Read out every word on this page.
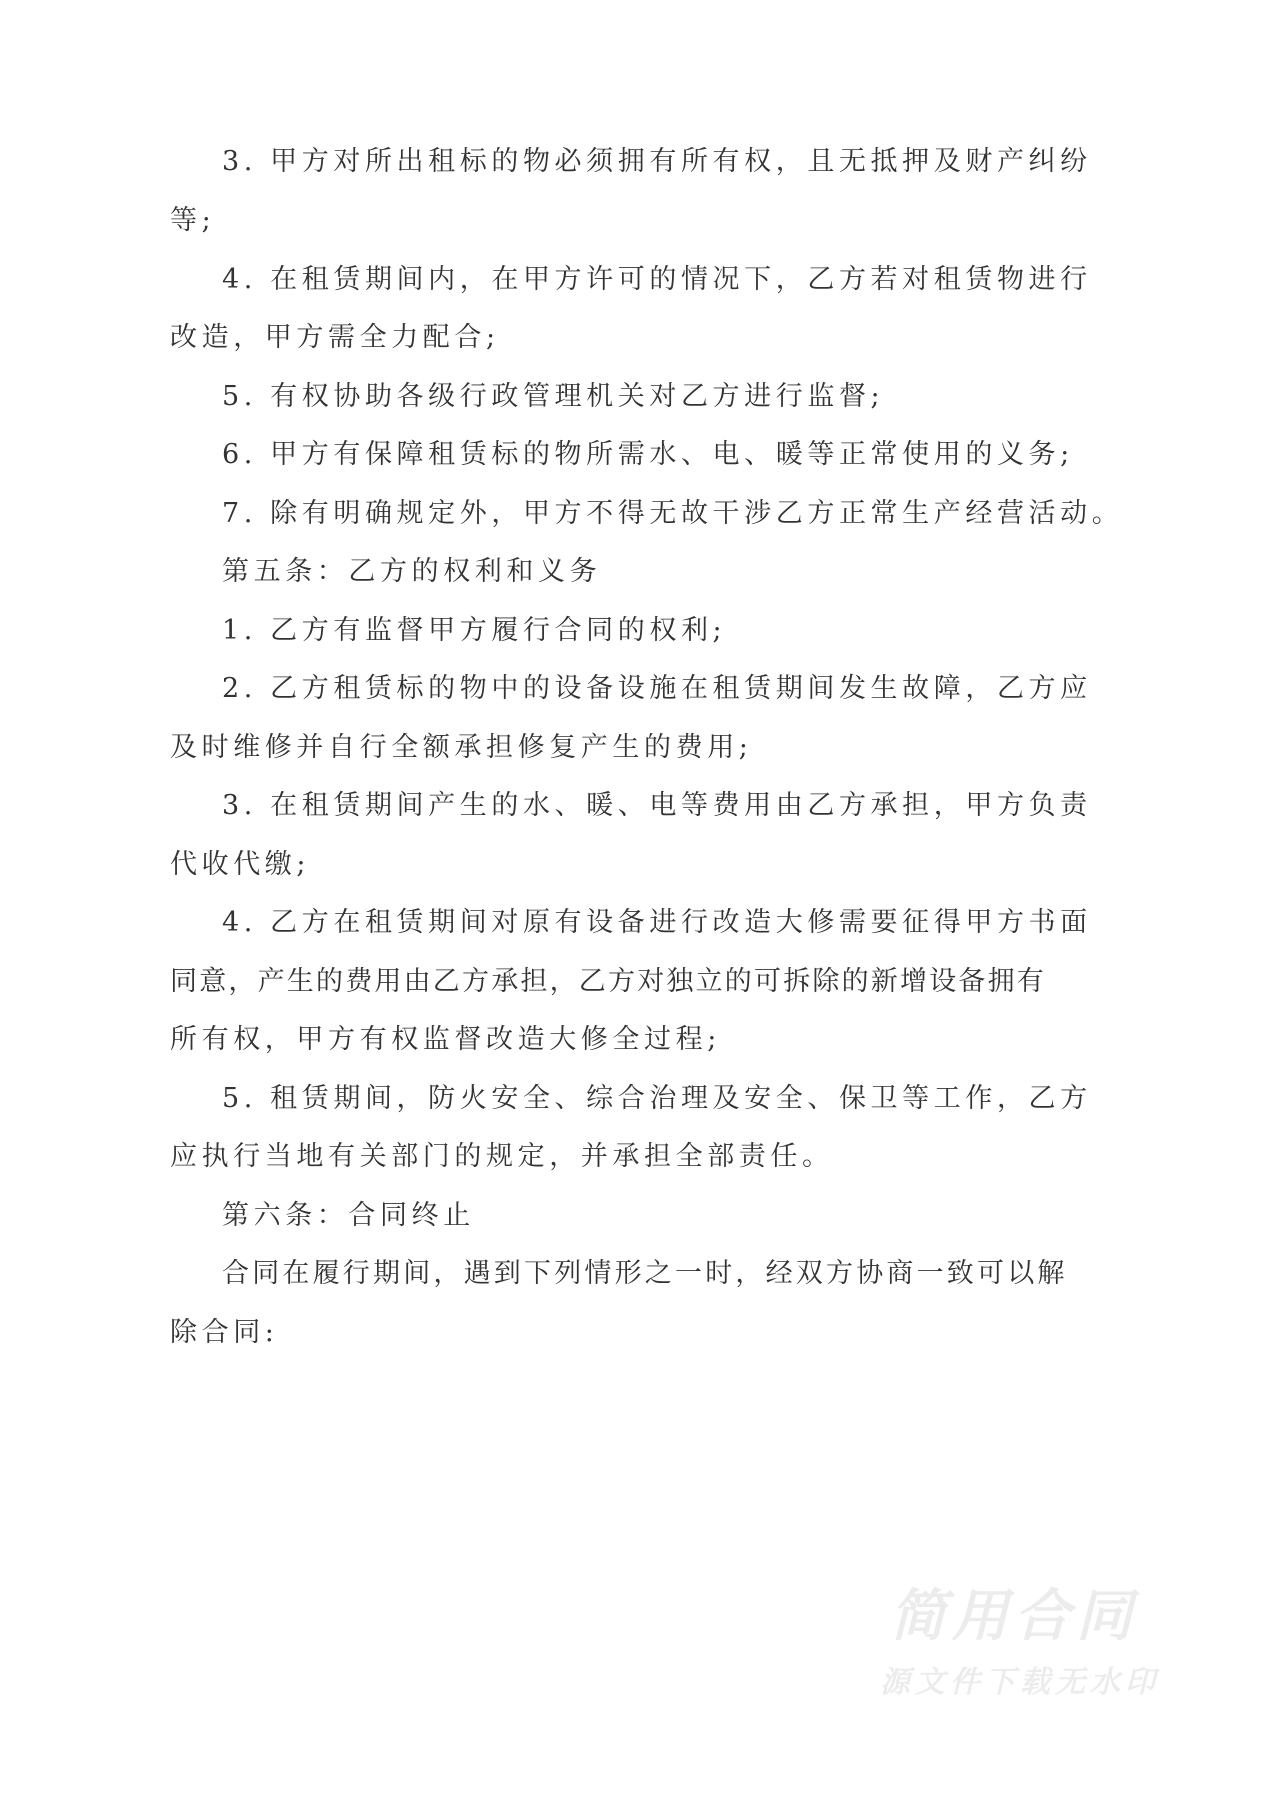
3. 甲方对所出租标的物必须拥有所有权，且无抵押及财产纠纷
等;
4. 在租赁期间内，在甲方许可的情况下，乙方若对租赁物进行
改造，甲方需全力配合;
5. 有权协助各级行政管理机关对乙方进行监督;
6. 甲方有保障租赁标的物所需水、电、暖等正常使用的义务;
7. 除有明确规定外，甲方不得无故干涉乙方正常生产经营活动。
第五条：乙方的权利和义务
1. 乙方有监督甲方履行合同的权利;
2. 乙方租赁标的物中的设备设施在租赁期间发生故障，乙方应
及时维修并自行全额承担修复产生的费用;
3. 在租赁期间产生的水、暖、电等费用由乙方承担，甲方负责
代收代缴;
4. 乙方在租赁期间对原有设备进行改造大修需要征得甲方书面
同意，产生的费用由乙方承担，乙方对独立的可拆除的新增设备拥有
所有权，甲方有权监督改造大修全过程;
5. 租赁期间，防火安全、综合治理及安全、保卫等工作，乙方
应执行当地有关部门的规定，并承担全部责任。
第六条：合同终止
合同在履行期间，遇到下列情形之一时，经双方协商一致可以解
除合同:
简用合同
源文件下载无水印
